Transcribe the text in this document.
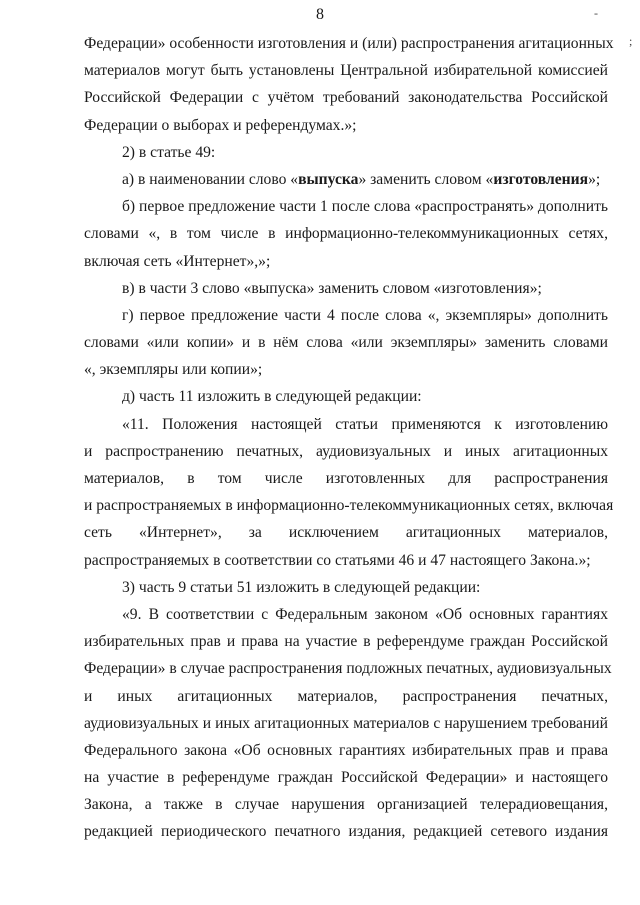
8
Федерации» особенности изготовления и (или) распространения агитационных
материалов могут быть установлены Центральной избирательной комиссией
Российской Федерации с учётом требований законодательства Российской
Федерации о выборах и референдумах.»;
2) в статье 49:
а) в наименовании слово «выпуска» заменить словом «изготовления»;
б) первое предложение части 1 после слова «распространять» дополнить
словами «, в том числе в информационно-телекоммуникационных сетях,
включая сеть «Интернет»,»;
в) в части 3 слово «выпуска» заменить словом «изготовления»;
г) первое предложение части 4 после слова «, экземпляры» дополнить
словами «или копии» и в нём слова «или экземпляры» заменить словами
«, экземпляры или копии»;
д) часть 11 изложить в следующей редакции:
«11. Положения настоящей статьи применяются к изготовлению
и распространению печатных, аудиовизуальных и иных агитационных
материалов, в том числе изготовленных для распространения
и распространяемых в информационно-телекоммуникационных сетях, включая
сеть «Интернет», за исключением агитационных материалов,
распространяемых в соответствии со статьями 46 и 47 настоящего Закона.»;
3) часть 9 статьи 51 изложить в следующей редакции:
«9. В соответствии с Федеральным законом «Об основных гарантиях
избирательных прав и права на участие в референдуме граждан Российской
Федерации» в случае распространения подложных печатных, аудиовизуальных
и иных агитационных материалов, распространения печатных,
аудиовизуальных и иных агитационных материалов с нарушением требований
Федерального закона «Об основных гарантиях избирательных прав и права
на участие в референдуме граждан Российской Федерации» и настоящего
Закона, а также в случае нарушения организацией телерадиовещания,
редакцией периодического печатного издания, редакцией сетевого издания
-
;
